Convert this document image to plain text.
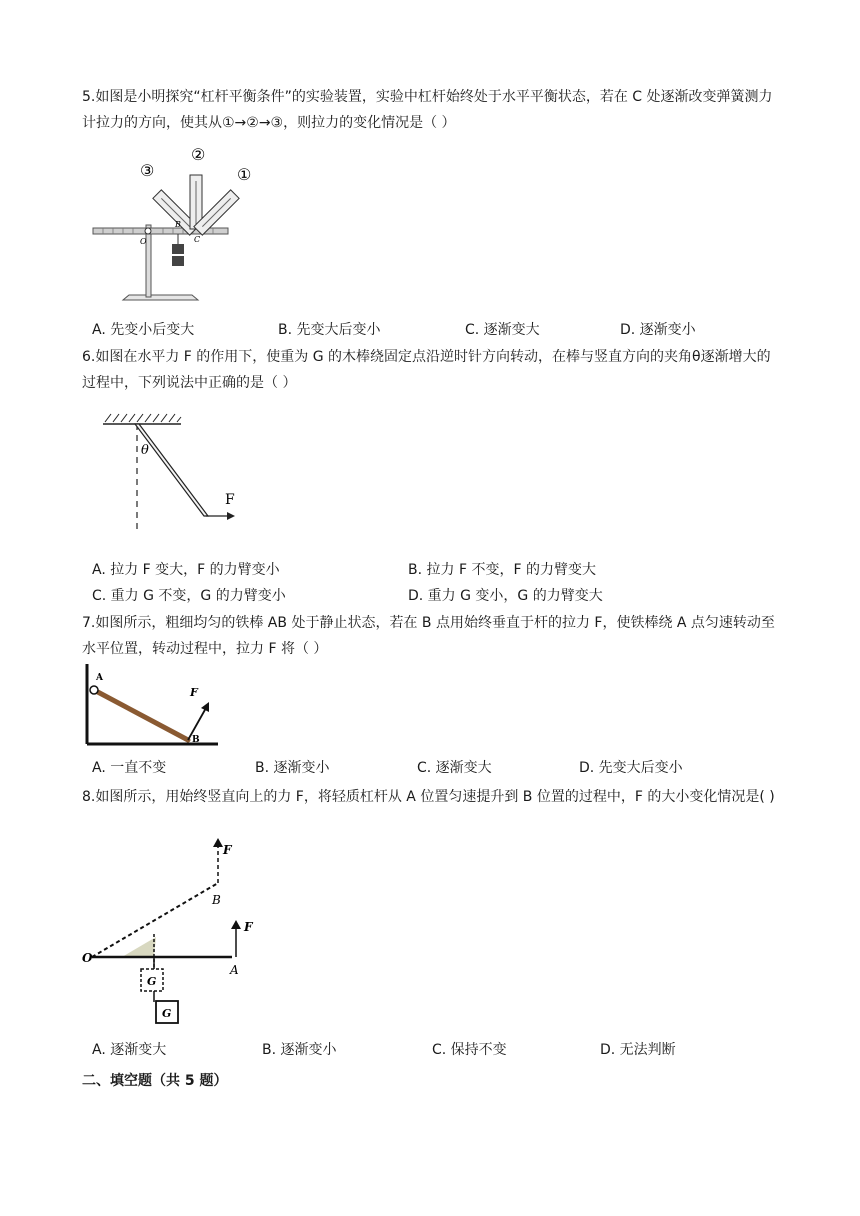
5.如图是小明探究“杠杆平衡条件”的实验装置，实验中杠杆始终处于水平平衡状态，若在 C 处逐渐改变弹簧测力计拉力的方向，使其从①→②→③，则拉力的变化情况是（ ）
③
②
①
O
B
C
A. 先变小后变大	B. 先变大后变小	C. 逐渐变大	D. 逐渐变小
6.如图在水平力 F 的作用下，使重为 G 的木棒绕固定点沿逆时针方向转动，在棒与竖直方向的夹角θ逐渐增大的过程中，下列说法中正确的是（ ）
θ
F
A. 拉力 F 变大，F 的力臂变小	B. 拉力 F 不变，F 的力臂变大
C. 重力 G 不变，G 的力臂变小	D. 重力 G 变小，G 的力臂变大
7.如图所示，粗细均匀的铁棒 AB 处于静止状态，若在 B 点用始终垂直于杆的拉力 F，使铁棒绕 A 点匀速转动至水平位置，转动过程中，拉力 F 将（ ）
A
B
F
A. 一直不变	B. 逐渐变小	C. 逐渐变大	D. 先变大后变小
8.如图所示，用始终竖直向上的力 F，将轻质杠杆从 A 位置匀速提升到 B 位置的过程中，F 的大小变化情况是( )
F
B
F
O
A
G
G
A. 逐渐变大	B. 逐渐变小	C. 保持不变	D. 无法判断
二、填空题（共 5 题）
